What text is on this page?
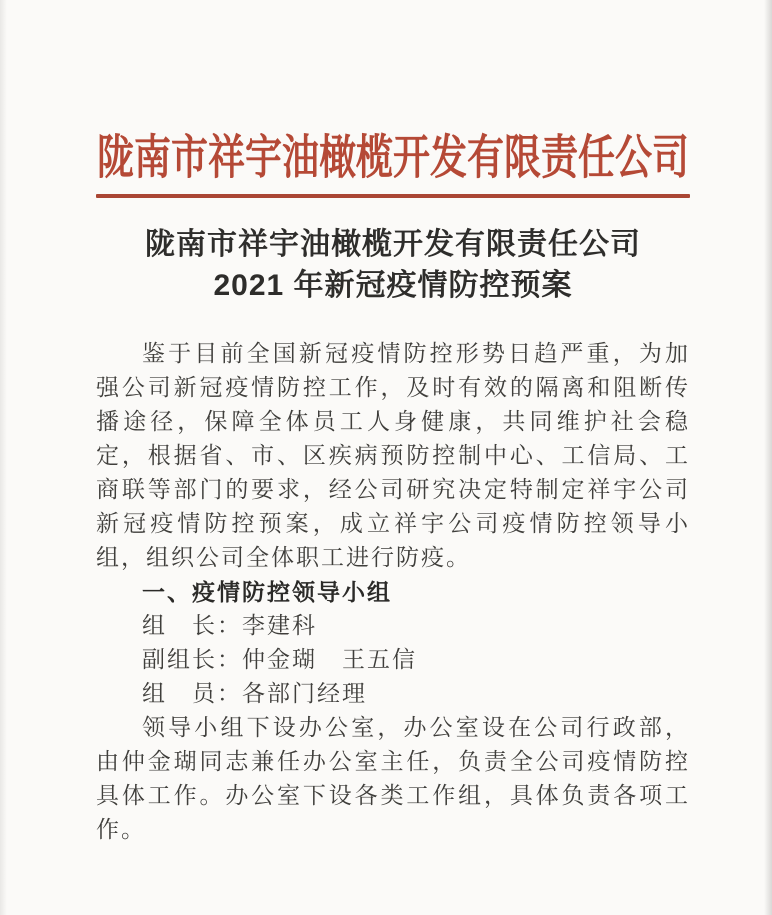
陇南市祥宇油橄榄开发有限责任公司
陇南市祥宇油橄榄开发有限责任公司
2021 年新冠疫情防控预案

鉴于目前全国新冠疫情防控形势日趋严重，为加强公司新冠疫情防控工作，及时有效的隔离和阻断传播途径，保障全体员工人身健康，共同维护社会稳定，根据省、市、区疾病预防控制中心、工信局、工商联等部门的要求，经公司研究决定特制定祥宇公司新冠疫情防控预案，成立祥宇公司疫情防控领导小组，组织公司全体职工进行防疫。

一、疫情防控领导小组
组　长：李建科
副组长：仲金瑚　王五信
组　员：各部门经理

领导小组下设办公室，办公室设在公司行政部，由仲金瑚同志兼任办公室主任，负责全公司疫情防控具体工作。办公室下设各类工作组，具体负责各项工作。
